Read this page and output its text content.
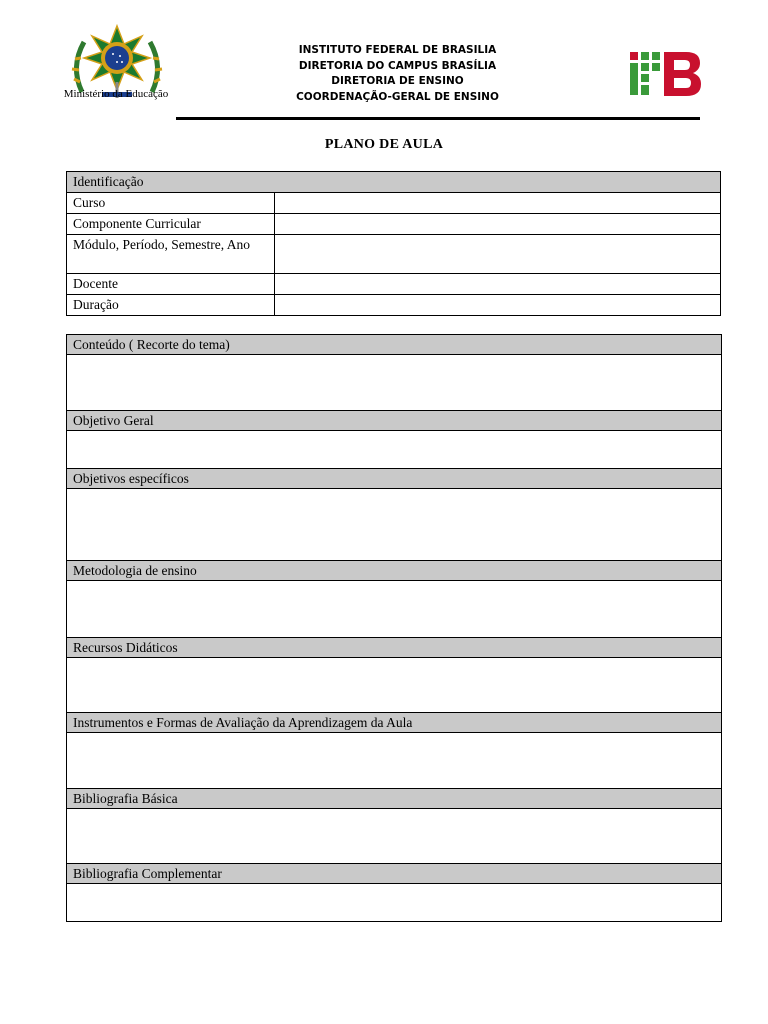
Ministério da Educação
INSTITUTO FEDERAL DE BRASILIA
DIRETORIA DO CAMPUS BRASÍLIA
DIRETORIA DE ENSINO
COORDENAÇÃO-GERAL DE ENSINO
PLANO DE AULA
Identificação	
Curso	
Componente Curricular	
Módulo, Período, Semestre, Ano	
Docente	
Duração	
Conteúdo ( Recorte do tema)

Objetivo Geral

Objetivos específicos

Metodologia de ensino

Recursos Didáticos

Instrumentos e Formas de Avaliação da Aprendizagem da Aula

Bibliografia Básica

Bibliografia Complementar
